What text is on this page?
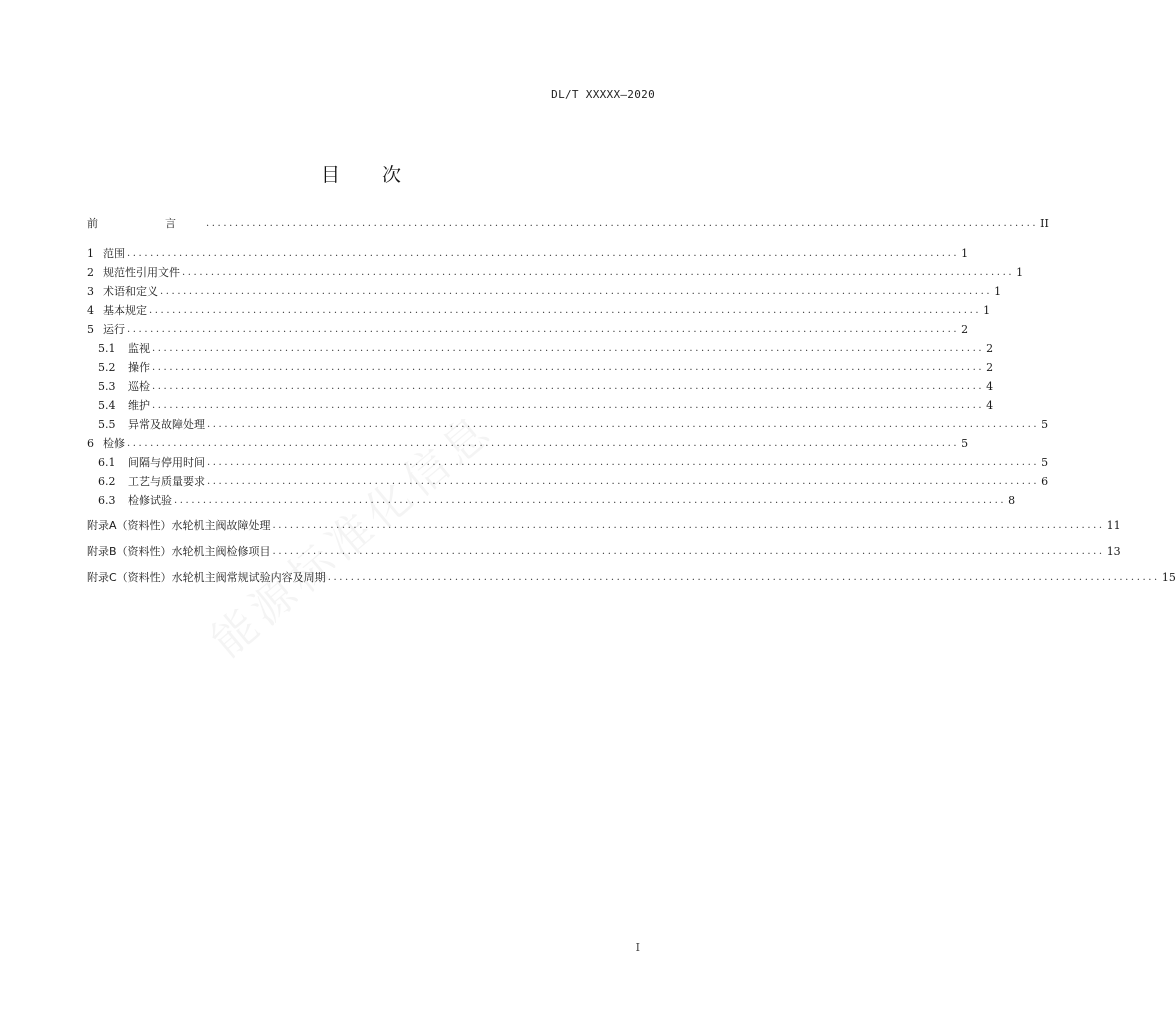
DL/T XXXXX—2020
目 次
前　言 ................................................................................................................................................ II
1 范围 ................................................................................................................................................ 1
2 规范性引用文件 ................................................................................................................................................ 1
3 术语和定义 ................................................................................................................................................ 1
4 基本规定 ................................................................................................................................................ 1
5 运行 ................................................................................................................................................ 2
5.1	监视 ................................................................................................................................................ 2
5.2	操作 ................................................................................................................................................ 2
5.3	巡检 ................................................................................................................................................ 4
5.4	维护 ................................................................................................................................................ 4
5.5	异常及故障处理 ................................................................................................................................................ 5
6 检修 ................................................................................................................................................ 5
6.1	间隔与停用时间 ................................................................................................................................................ 5
6.2	工艺与质量要求 ................................................................................................................................................ 6
6.3	检修试验 ................................................................................................................................................ 8
附录A（资料性）水轮机主阀故障处理 ................................................................................................................................................ 11
附录B（资料性）水轮机主阀检修项目 ................................................................................................................................................ 13
附录C（资料性）水轮机主阀常规试验内容及周期 ................................................................................................................................................ 15
I
